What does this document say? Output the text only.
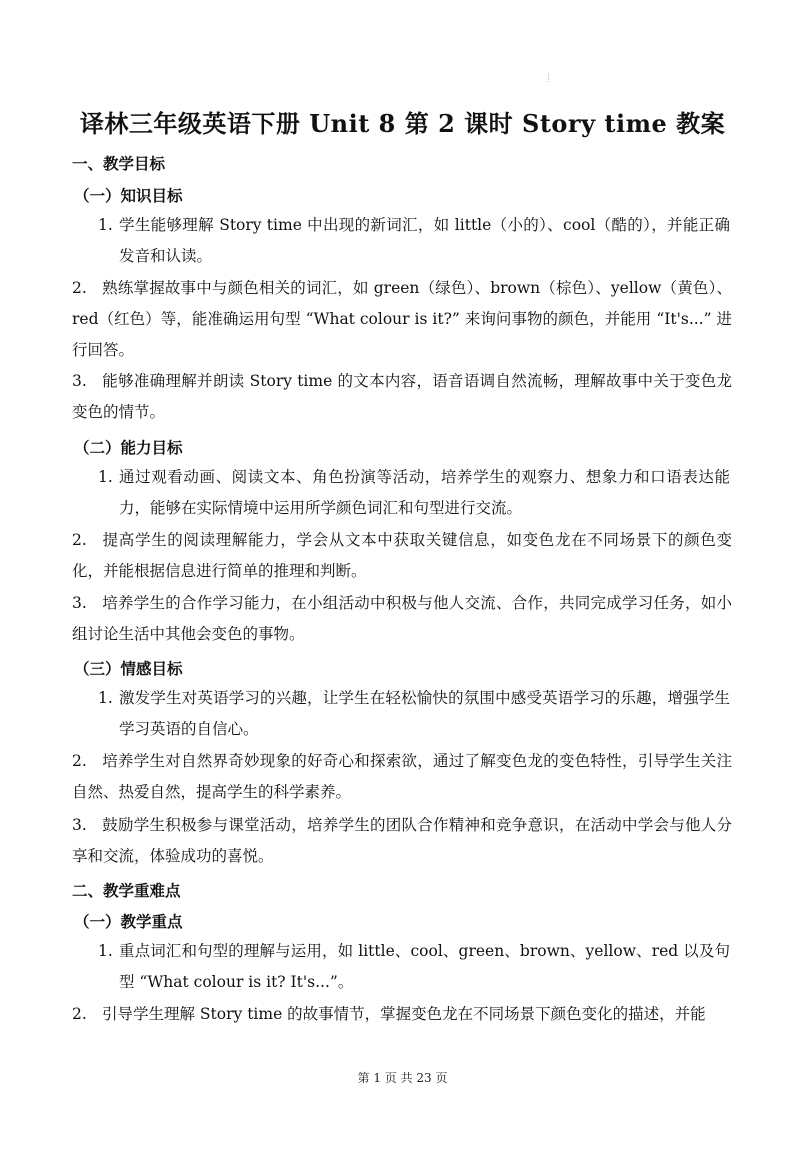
译林三年级英语下册 Unit 8 第 2 课时 Story time 教案
一、教学目标
（一）知识目标
1. 学生能够理解 Story time 中出现的新词汇，如 little（小的）、cool（酷的），并能正确发音和认读。
2. 熟练掌握故事中与颜色相关的词汇，如 green（绿色）、brown（棕色）、yellow（黄色）、red（红色）等，能准确运用句型 “What colour is it?” 来询问事物的颜色，并能用 “It's...” 进行回答。
3. 能够准确理解并朗读 Story time 的文本内容，语音语调自然流畅，理解故事中关于变色龙变色的情节。
（二）能力目标
1. 通过观看动画、阅读文本、角色扮演等活动，培养学生的观察力、想象力和口语表达能力，能够在实际情境中运用所学颜色词汇和句型进行交流。
2. 提高学生的阅读理解能力，学会从文本中获取关键信息，如变色龙在不同场景下的颜色变化，并能根据信息进行简单的推理和判断。
3. 培养学生的合作学习能力，在小组活动中积极与他人交流、合作，共同完成学习任务，如小组讨论生活中其他会变色的事物。
（三）情感目标
1. 激发学生对英语学习的兴趣，让学生在轻松愉快的氛围中感受英语学习的乐趣，增强学生学习英语的自信心。
2. 培养学生对自然界奇妙现象的好奇心和探索欲，通过了解变色龙的变色特性，引导学生关注自然、热爱自然，提高学生的科学素养。
3. 鼓励学生积极参与课堂活动，培养学生的团队合作精神和竞争意识，在活动中学会与他人分享和交流，体验成功的喜悦。
二、教学重难点
（一）教学重点
1. 重点词汇和句型的理解与运用，如 little、cool、green、brown、yellow、red 以及句型 “What colour is it? It's...”。
2. 引导学生理解 Story time 的故事情节，掌握变色龙在不同场景下颜色变化的描述，并能
第 1 页 共 23 页
